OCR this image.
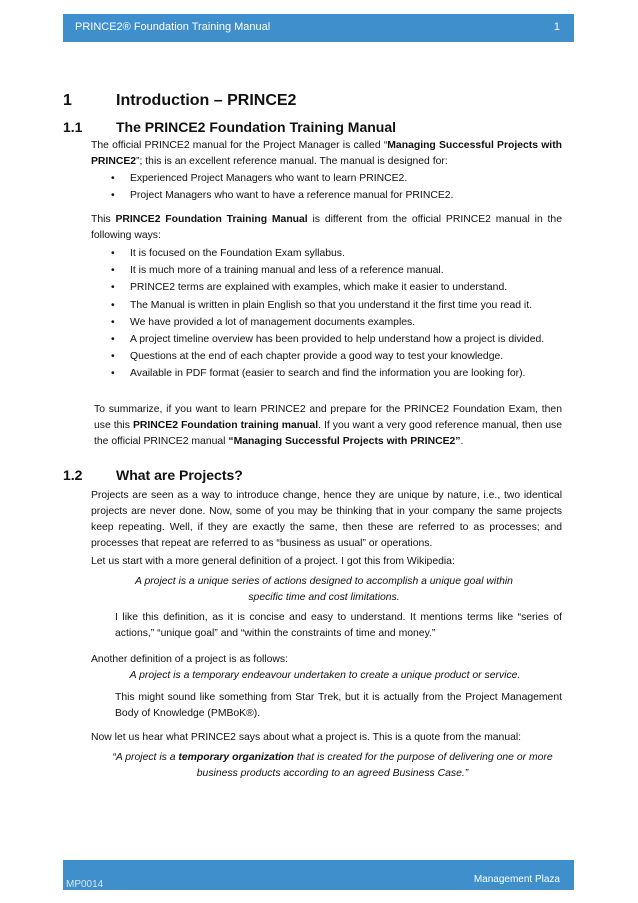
PRINCE2® Foundation Training Manual	1
1	Introduction – PRINCE2
1.1 The PRINCE2 Foundation Training Manual
The official PRINCE2 manual for the Project Manager is called “Managing Successful Projects with PRINCE2”; this is an excellent reference manual. The manual is designed for:
• Experienced Project Managers who want to learn PRINCE2.
• Project Managers who want to have a reference manual for PRINCE2.
This PRINCE2 Foundation Training Manual is different from the official PRINCE2 manual in the following ways:
• It is focused on the Foundation Exam syllabus.
• It is much more of a training manual and less of a reference manual.
• PRINCE2 terms are explained with examples, which make it easier to understand.
• The Manual is written in plain English so that you understand it the first time you read it.
• We have provided a lot of management documents examples.
• A project timeline overview has been provided to help understand how a project is divided.
• Questions at the end of each chapter provide a good way to test your knowledge.
• Available in PDF format (easier to search and find the information you are looking for).
To summarize, if you want to learn PRINCE2 and prepare for the PRINCE2 Foundation Exam, then use this PRINCE2 Foundation training manual. If you want a very good reference manual, then use the official PRINCE2 manual “Managing Successful Projects with PRINCE2”.
1.2 What are Projects?
Projects are seen as a way to introduce change, hence they are unique by nature, i.e., two identical projects are never done. Now, some of you may be thinking that in your company the same projects keep repeating. Well, if they are exactly the same, then these are referred to as processes; and processes that repeat are referred to as “business as usual” or operations.
Let us start with a more general definition of a project. I got this from Wikipedia:
A project is a unique series of actions designed to accomplish a unique goal within specific time and cost limitations.
I like this definition, as it is concise and easy to understand. It mentions terms like “series of actions,” “unique goal” and “within the constraints of time and money.”
Another definition of a project is as follows:
A project is a temporary endeavour undertaken to create a unique product or service.
This might sound like something from Star Trek, but it is actually from the Project Management Body of Knowledge (PMBoK®).
Now let us hear what PRINCE2 says about what a project is. This is a quote from the manual:
“A project is a temporary organization that is created for the purpose of delivering one or more business products according to an agreed Business Case.”
MP0014	Management Plaza
